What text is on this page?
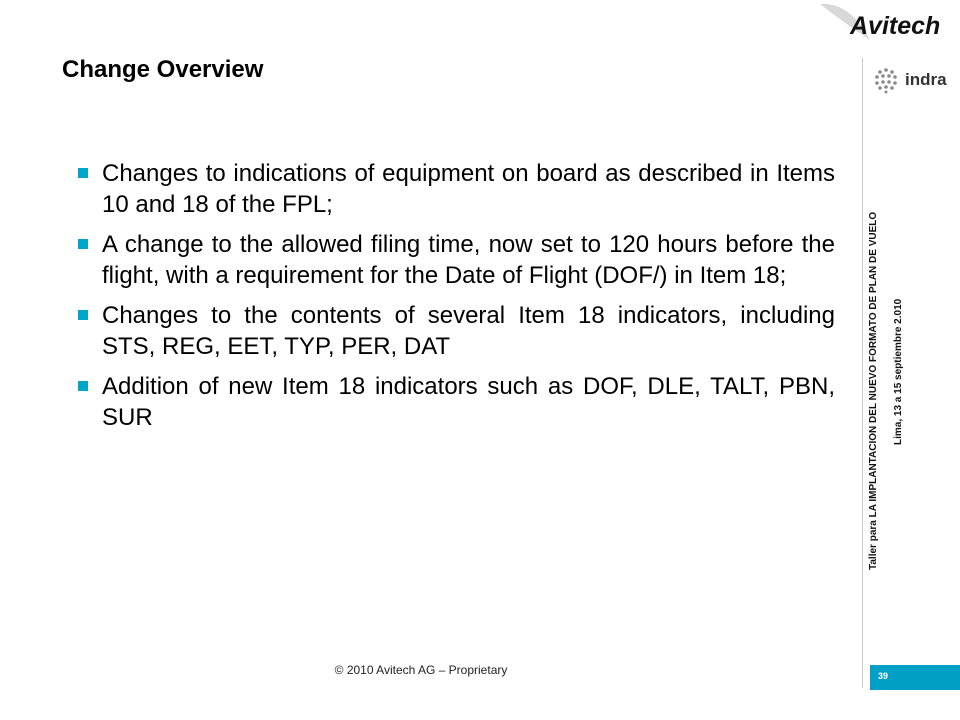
Change Overview
Changes to indications of equipment on board as described in Items 10 and 18 of the FPL;
A change to the allowed filing time, now set to 120 hours before the flight, with a requirement for the Date of Flight (DOF/) in Item 18;
Changes to the contents of several Item 18 indicators, including STS, REG, EET, TYP, PER, DAT
Addition of new Item 18 indicators such as DOF, DLE, TALT, PBN, SUR
© 2010 Avitech AG – Proprietary
Avitech
indra
Taller para LA IMPLANTACION DEL NUEVO FORMATO DE PLAN DE VUELO Lima, 13 a 15 septiembre 2.010
39
